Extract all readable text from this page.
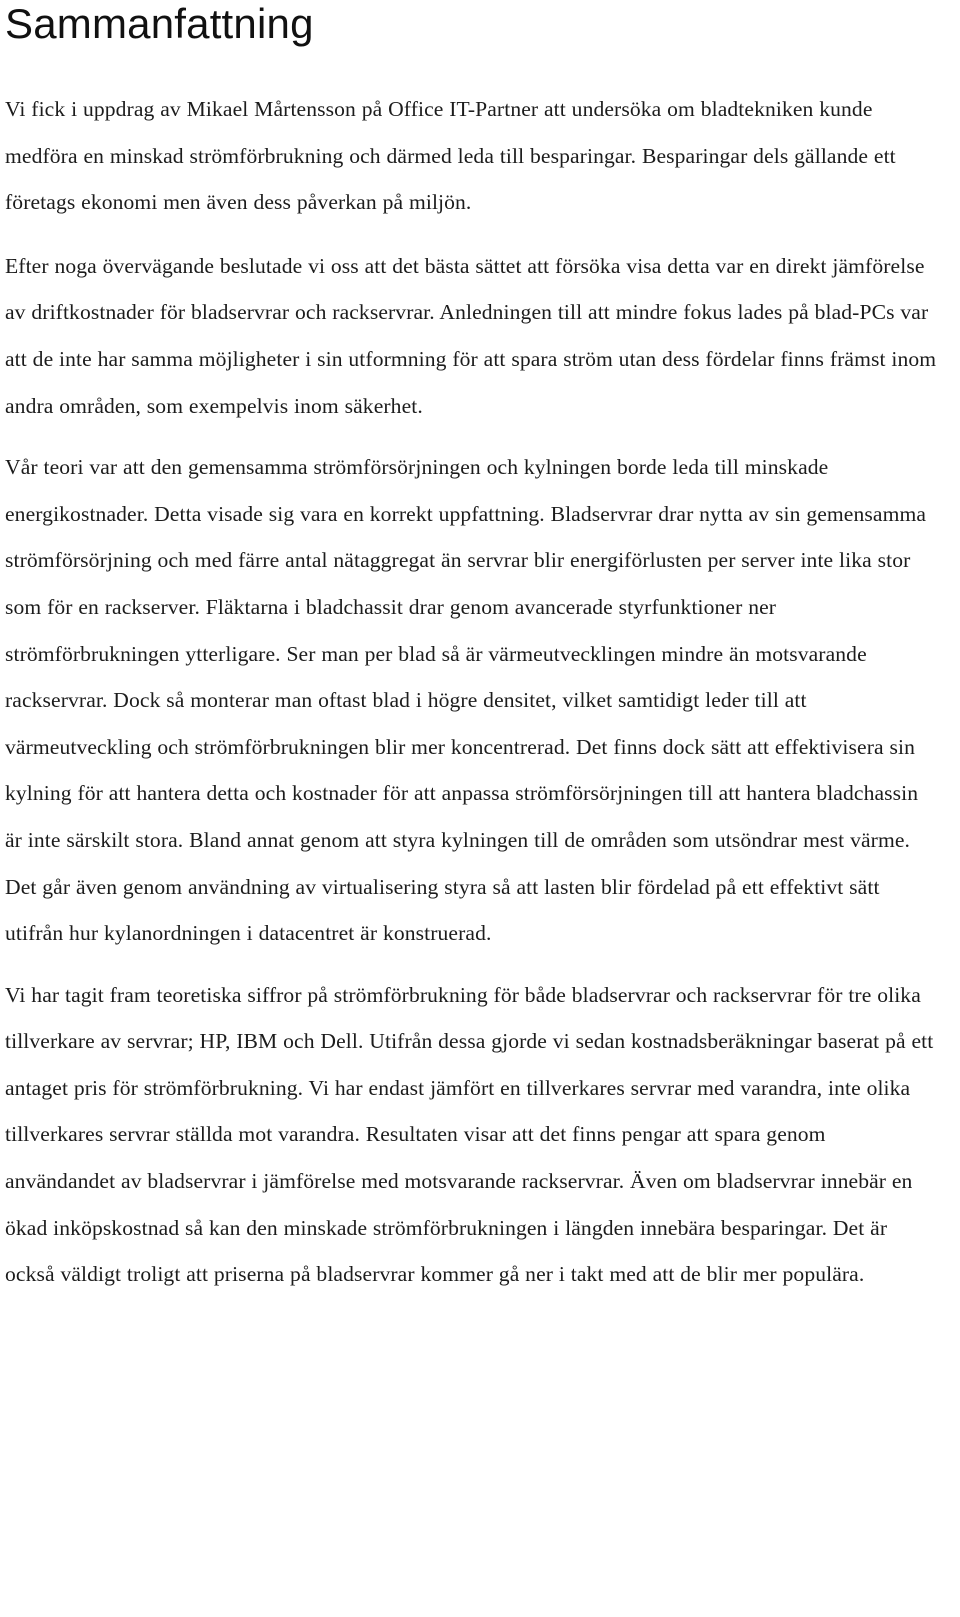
Sammanfattning

Vi fick i uppdrag av Mikael Mårtensson på Office IT-Partner att undersöka om bladtekniken kunde medföra en minskad strömförbrukning och därmed leda till besparingar. Besparingar dels gällande ett företags ekonomi men även dess påverkan på miljön.

Efter noga övervägande beslutade vi oss att det bästa sättet att försöka visa detta var en direkt jämförelse av driftkostnader för bladservrar och rackservrar. Anledningen till att mindre fokus lades på blad-PCs var att de inte har samma möjligheter i sin utformning för att spara ström utan dess fördelar finns främst inom andra områden, som exempelvis inom säkerhet.

Vår teori var att den gemensamma strömförsörjningen och kylningen borde leda till minskade energikostnader. Detta visade sig vara en korrekt uppfattning. Bladservrar drar nytta av sin gemensamma strömförsörjning och med färre antal nätaggregat än servrar blir energiförlusten per server inte lika stor som för en rackserver. Fläktarna i bladchassit drar genom avancerade styrfunktioner ner strömförbrukningen ytterligare. Ser man per blad så är värmeutvecklingen mindre än motsvarande rackservrar. Dock så monterar man oftast blad i högre densitet, vilket samtidigt leder till att värmeutveckling och strömförbrukningen blir mer koncentrerad. Det finns dock sätt att effektivisera sin kylning för att hantera detta och kostnader för att anpassa strömförsörjningen till att hantera bladchassin är inte särskilt stora. Bland annat genom att styra kylningen till de områden som utsöndrar mest värme. Det går även genom användning av virtualisering styra så att lasten blir fördelad på ett effektivt sätt utifrån hur kylanordningen i datacentret är konstruerad.

Vi har tagit fram teoretiska siffror på strömförbrukning för både bladservrar och rackservrar för tre olika tillverkare av servrar; HP, IBM och Dell. Utifrån dessa gjorde vi sedan kostnadsberäkningar baserat på ett antaget pris för strömförbrukning. Vi har endast jämfört en tillverkares servrar med varandra, inte olika tillverkares servrar ställda mot varandra. Resultaten visar att det finns pengar att spara genom användandet av bladservrar i jämförelse med motsvarande rackservrar. Även om bladservrar innebär en ökad inköpskostnad så kan den minskade strömförbrukningen i längden innebära besparingar. Det är också väldigt troligt att priserna på bladservrar kommer gå ner i takt med att de blir mer populära.
